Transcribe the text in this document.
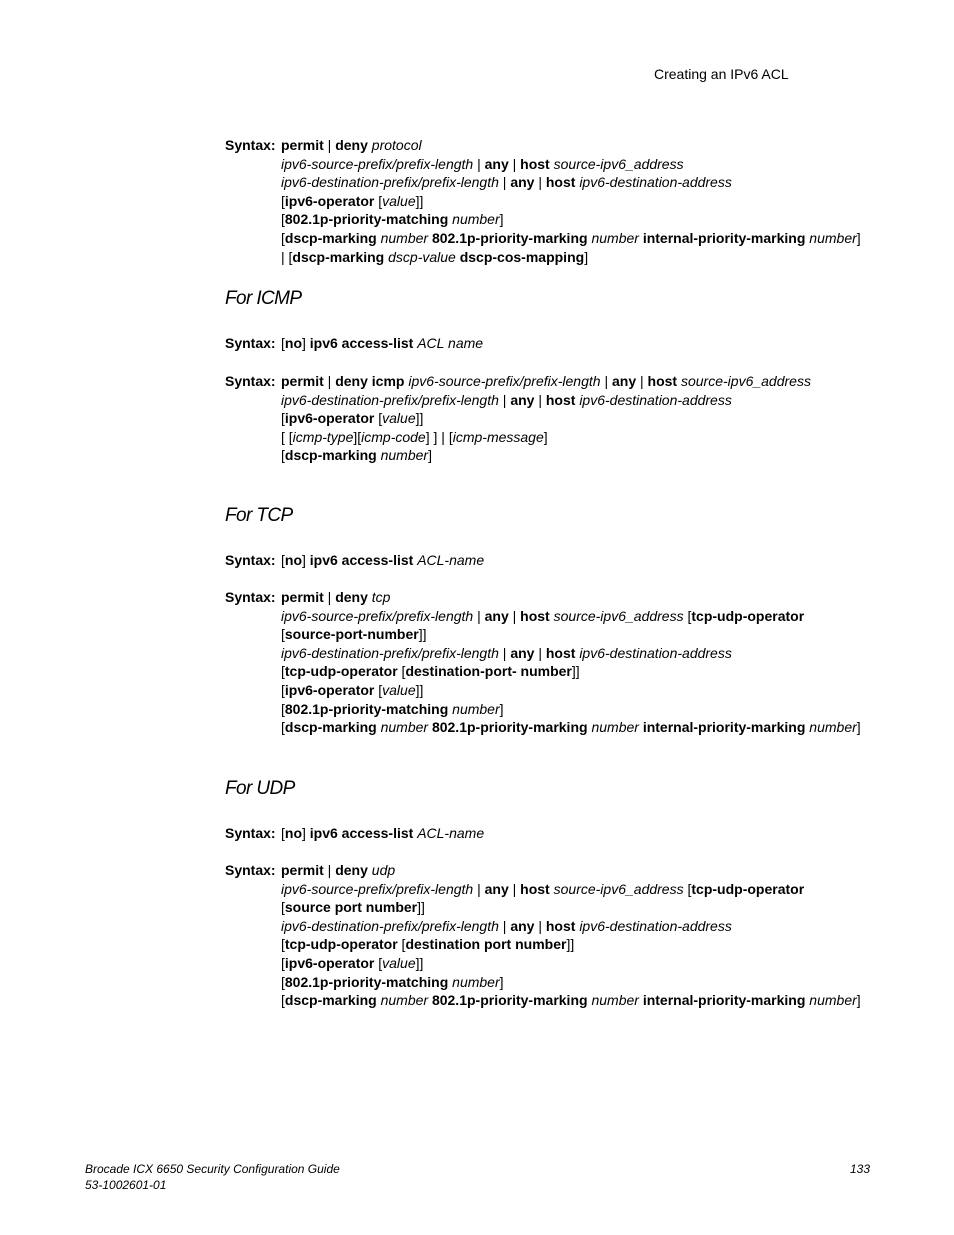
Creating an IPv6 ACL
Syntax: permit | deny protocol
ipv6-source-prefix/prefix-length | any | host source-ipv6_address
ipv6-destination-prefix/prefix-length | any | host ipv6-destination-address
[ipv6-operator [value]]
[802.1p-priority-matching number]
[dscp-marking number 802.1p-priority-marking number internal-priority-marking number]
| [dscp-marking dscp-value dscp-cos-mapping]
For ICMP
Syntax: [no] ipv6 access-list ACL name
Syntax: permit | deny icmp ipv6-source-prefix/prefix-length | any | host source-ipv6_address
ipv6-destination-prefix/prefix-length | any | host ipv6-destination-address
[ipv6-operator [value]]
[ [icmp-type][icmp-code] ] | [icmp-message]
[dscp-marking number]
For TCP
Syntax: [no] ipv6 access-list ACL-name
Syntax: permit | deny tcp
ipv6-source-prefix/prefix-length | any | host source-ipv6_address [tcp-udp-operator
[source-port-number]]
ipv6-destination-prefix/prefix-length | any | host ipv6-destination-address
[tcp-udp-operator [destination-port- number]]
[ipv6-operator [value]]
[802.1p-priority-matching number]
[dscp-marking number 802.1p-priority-marking number internal-priority-marking number]
For UDP
Syntax: [no] ipv6 access-list ACL-name
Syntax: permit | deny udp
ipv6-source-prefix/prefix-length | any | host source-ipv6_address [tcp-udp-operator
[source port number]]
ipv6-destination-prefix/prefix-length | any | host ipv6-destination-address
[tcp-udp-operator [destination port number]]
[ipv6-operator [value]]
[802.1p-priority-matching number]
[dscp-marking number 802.1p-priority-marking number internal-priority-marking number]
Brocade ICX 6650 Security Configuration Guide
53-1002601-01
133
